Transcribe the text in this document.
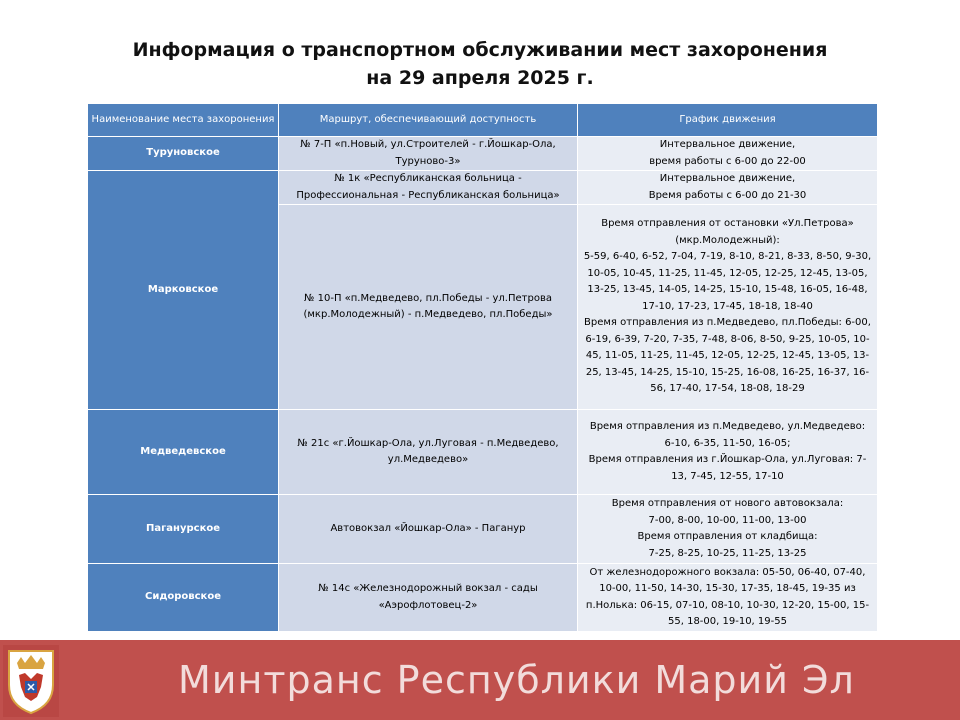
Информация о транспортном обслуживании мест захоронения
на 29 апреля 2025 г.
Наименование места захоронения	Маршрут, обеспечивающий доступность	График движения
Туруновское	№ 7-П «п.Новый, ул.Строителей - г.Йошкар-Ола, Туруново-3»	Интервальное движение,
время работы с 6-00 до 22-00
Марковское	№ 1к «Республиканская больница - Профессиональная - Республиканская больница»	Интервальное движение,
Время работы с 6-00 до 21-30
	№ 10-П «п.Медведево, пл.Победы - ул.Петрова (мкр.Молодежный) - п.Медведево, пл.Победы»	Время отправления от остановки «Ул.Петрова» (мкр.Молодежный):
5-59, 6-40, 6-52, 7-04, 7-19, 8-10, 8-21, 8-33, 8-50, 9-30, 10-05, 10-45, 11-25, 11-45, 12-05, 12-25, 12-45, 13-05, 13-25, 13-45, 14-05, 14-25, 15-10, 15-48, 16-05, 16-48, 17-10, 17-23, 17-45, 18-18, 18-40
Время отправления из п.Медведево, пл.Победы: 6-00, 6-19, 6-39, 7-20, 7-35, 7-48, 8-06, 8-50, 9-25, 10-05, 10-45, 11-05, 11-25, 11-45, 12-05, 12-25, 12-45, 13-05, 13-25, 13-45, 14-25, 15-10, 15-25, 16-08, 16-25, 16-37, 16-56, 17-40, 17-54, 18-08, 18-29
Медведевское	№ 21с «г.Йошкар-Ола, ул.Луговая - п.Медведево, ул.Медведево»	Время отправления из п.Медведево, ул.Медведево:
6-10, 6-35, 11-50, 16-05;
Время отправления из г.Йошкар-Ола, ул.Луговая: 7-13, 7-45, 12-55, 17-10
Паганурское	Автовокзал «Йошкар-Ола» - Паганур	Время отправления от нового автовокзала:
7-00, 8-00, 10-00, 11-00, 13-00
Время отправления от кладбища:
7-25, 8-25, 10-25, 11-25, 13-25
Сидоровское	№ 14с «Железнодорожный вокзал - сады «Аэрофлотовец-2»	От железнодорожного вокзала: 05-50, 06-40, 07-40, 10-00, 11-50, 14-30, 15-30, 17-35, 18-45, 19-35 из п.Нолька: 06-15, 07-10, 08-10, 10-30, 12-20, 15-00, 15-55, 18-00, 19-10, 19-55
Минтранс Республики Марий Эл
